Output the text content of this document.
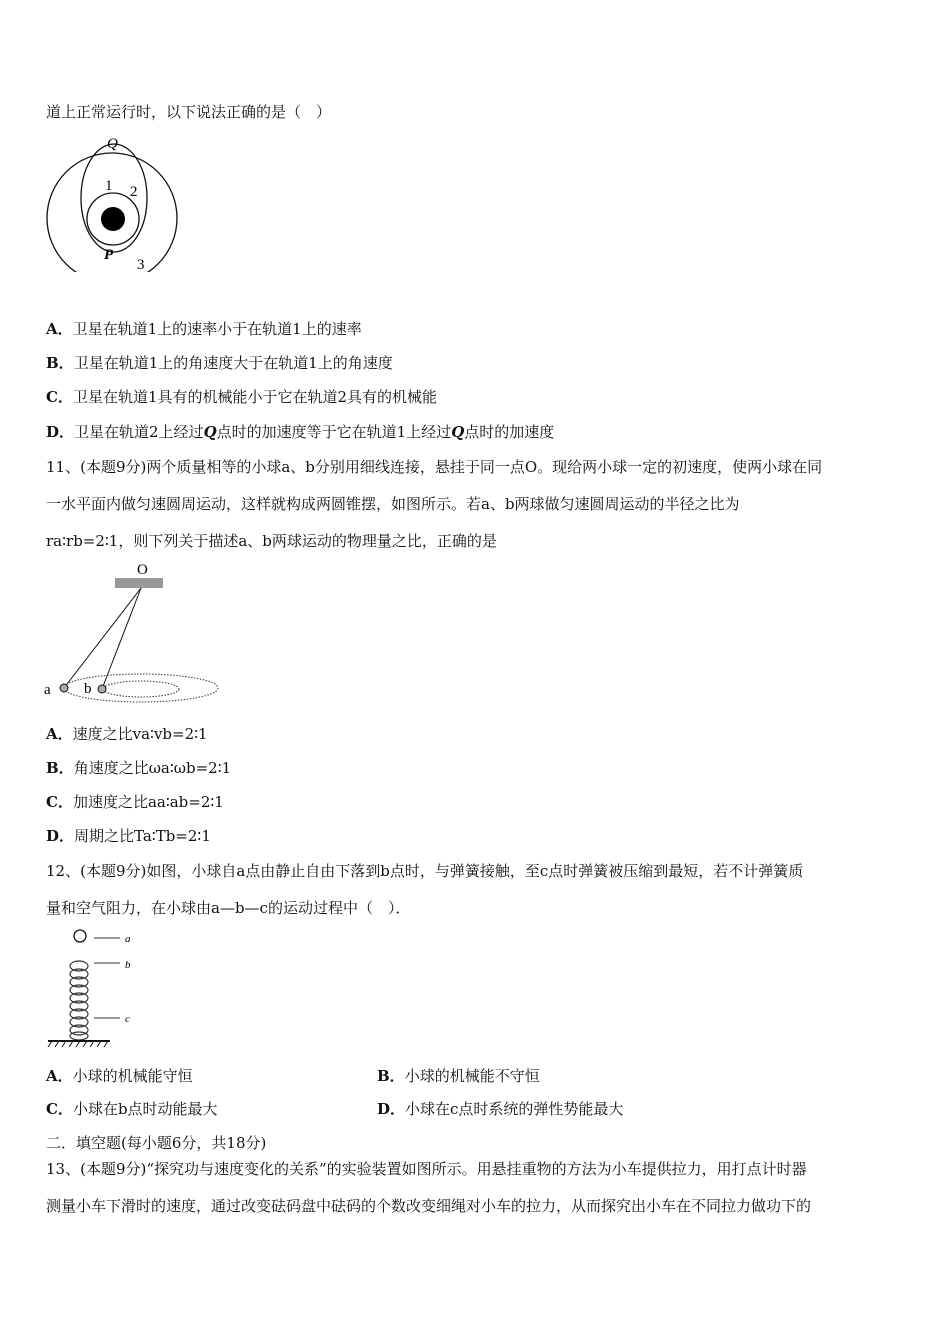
道上正常运行时，以下说法正确的是（　）
Q
P
1 2
3
A．卫星在轨道1上的速率小于在轨道1上的速率
B．卫星在轨道1上的角速度大于在轨道1上的角速度
C．卫星在轨道1具有的机械能小于它在轨道2具有的机械能
D．卫星在轨道2上经过Q点时的加速度等于它在轨道1上经过Q点时的加速度
11、(本题9分)两个质量相等的小球a、b分别用细线连接，悬挂于同一点O。现给两小球一定的初速度，使两小球在同
一水平面内做匀速圆周运动，这样就构成两圆锥摆，如图所示。若a、b两球做匀速圆周运动的半径之比为
ra∶rb=2∶1，则下列关于描述a、b两球运动的物理量之比，正确的是
O
a b
A．速度之比va∶vb=2∶1
B．角速度之比ωa∶ωb=2∶1
C．加速度之比aa∶ab=2∶1
D．周期之比Ta∶Tb=2∶1
12、(本题9分)如图，小球自a点由静止自由下落到b点时，与弹簧接触，至c点时弹簧被压缩到最短，若不计弹簧质
量和空气阻力，在小球由a—b—c的运动过程中（　）．
a
b
c
A．小球的机械能守恒	B．小球的机械能不守恒
C．小球在b点时动能最大	D．小球在c点时系统的弹性势能最大
二．填空题(每小题6分，共18分)
13、(本题9分)“探究功与速度变化的关系”的实验装置如图所示。用悬挂重物的方法为小车提供拉力，用打点计时器
测量小车下滑时的速度，通过改变砝码盘中砝码的个数改变细绳对小车的拉力，从而探究出小车在不同拉力做功下的
